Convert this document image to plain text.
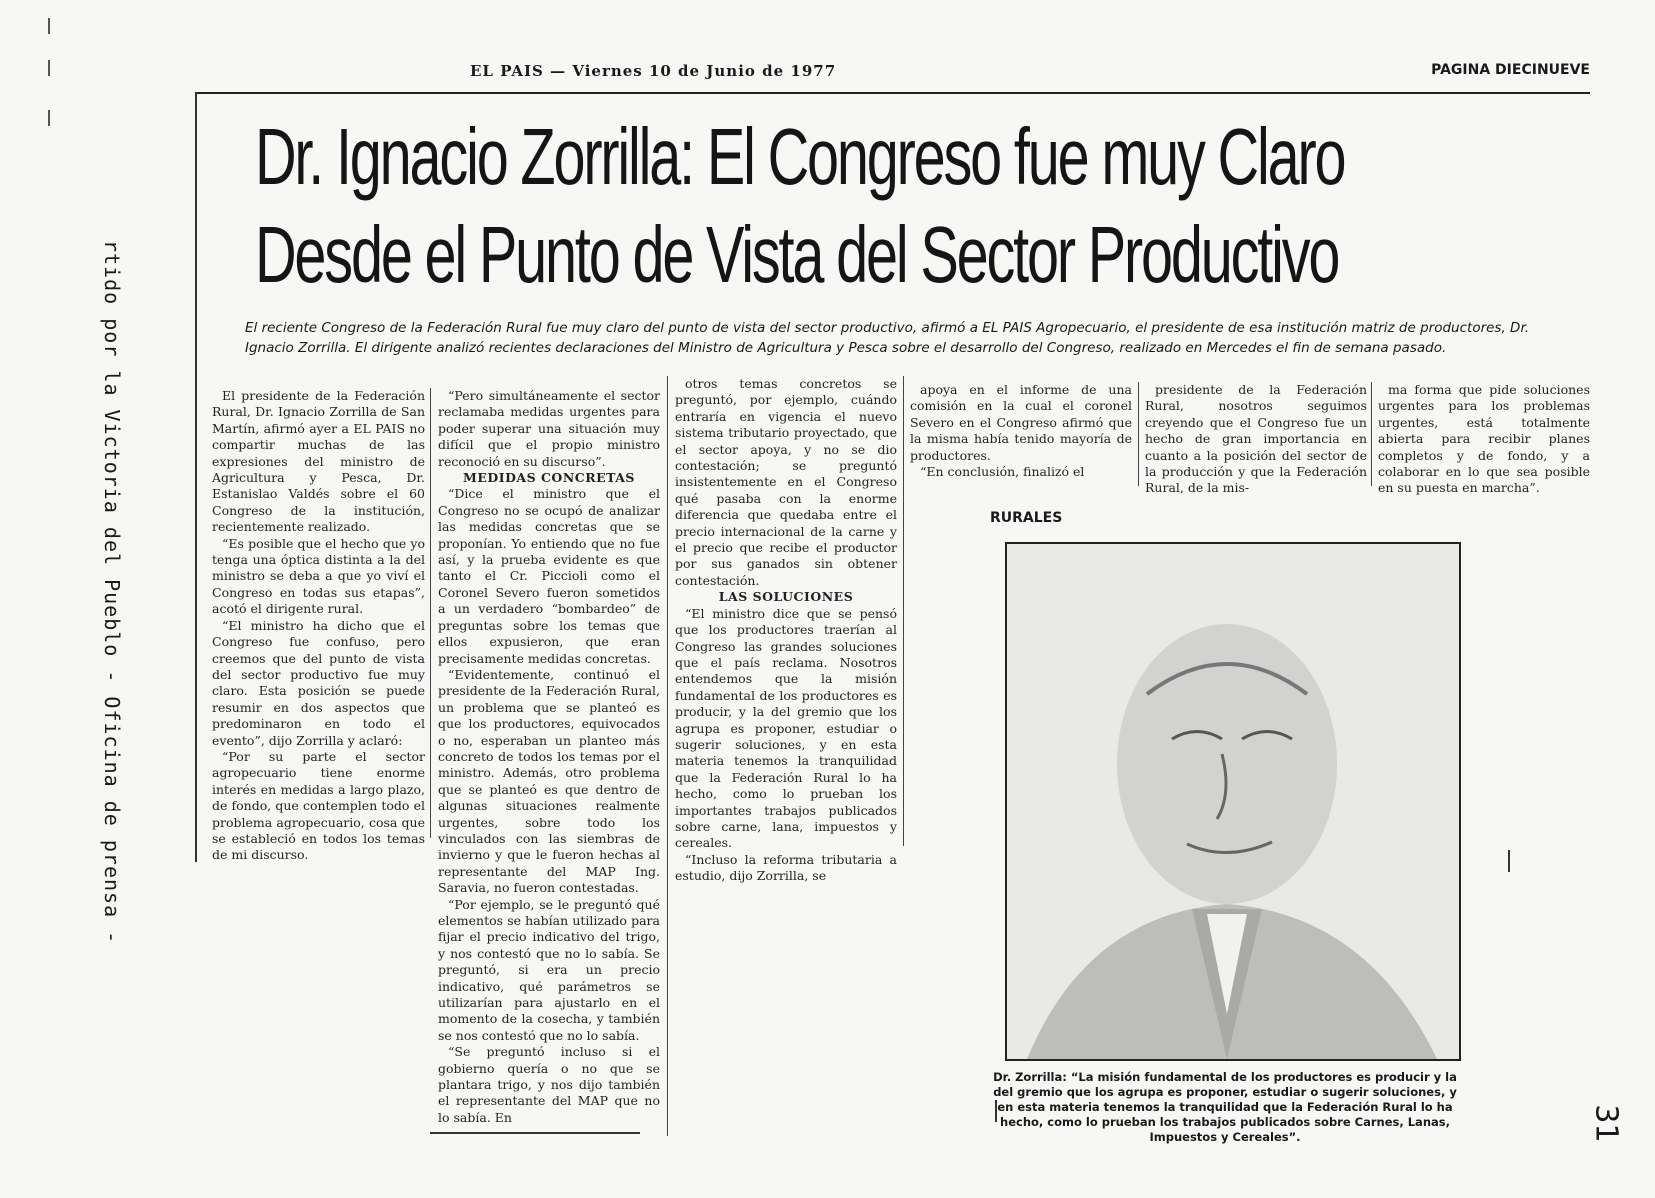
rtido por la Victoria del Pueblo - Oficina de prensa -
EL PAIS — Viernes 10 de Junio de 1977	PAGINA DIECINUEVE
Dr. Ignacio Zorrilla: El Congreso fue muy Claro
Desde el Punto de Vista del Sector Productivo
El reciente Congreso de la Federación Rural fue muy claro del punto de vista del sector productivo, afirmó a EL PAIS Agropecuario, el presidente de esa institución matriz de productores, Dr. Ignacio Zorrilla. El dirigente analizó recientes declaraciones del Ministro de Agricultura y Pesca sobre el desarrollo del Congreso, realizado en Mercedes el fin de semana pasado.

El presidente de la Federación Rural, Dr. Ignacio Zorrilla de San Martín, afirmó ayer a EL PAIS no compartir muchas de las expresiones del ministro de Agricultura y Pesca, Dr. Estanislao Valdés sobre el 60 Congreso de la institución, recientemente realizado.

“Es posible que el hecho que yo tenga una óptica distinta a la del ministro se deba a que yo viví el Congreso en todas sus etapas”, acotó el dirigente rural.

“El ministro ha dicho que el Congreso fue confuso, pero creemos que del punto de vista del sector productivo fue muy claro. Esta posición se puede resumir en dos aspectos que predominaron en todo el evento”, dijo Zorrilla y aclaró:

“Por su parte el sector agropecuario tiene enorme interés en medidas a largo plazo, de fondo, que contemplen todo el problema agropecuario, cosa que se estableció en todos los temas de mi discurso.

“Pero simultáneamente el sector reclamaba medidas urgentes para poder superar una situación muy difícil que el propio ministro reconoció en su discurso”.

MEDIDAS CONCRETAS

“Dice el ministro que el Congreso no se ocupó de analizar las medidas concretas que se proponían. Yo entiendo que no fue así, y la prueba evidente es que tanto el Cr. Piccioli como el Coronel Severo fueron sometidos a un verdadero “bombardeo” de preguntas sobre los temas que ellos expusieron, que eran precisamente medidas concretas.

“Evidentemente, continuó el presidente de la Federación Rural, un problema que se planteó es que los productores, equivocados o no, esperaban un planteo más concreto de todos los temas por el ministro. Además, otro problema que se planteó es que dentro de algunas situaciones realmente urgentes, sobre todo los vinculados con las siembras de invierno y que le fueron hechas al representante del MAP Ing. Saravia, no fueron contestadas.

“Por ejemplo, se le preguntó qué elementos se habían utilizado para fijar el precio indicativo del trigo, y nos contestó que no lo sabía. Se preguntó, si era un precio indicativo, qué parámetros se utilizarían para ajustarlo en el momento de la cosecha, y también se nos contestó que no lo sabía.

“Se preguntó incluso si el gobierno quería o no que se plantara trigo, y nos dijo también el representante del MAP que no lo sabía. En

otros temas concretos se preguntó, por ejemplo, cuándo entraría en vigencia el nuevo sistema tributario proyectado, que el sector apoya, y no se dio contestación; se preguntó insistentemente en el Congreso qué pasaba con la enorme diferencia que quedaba entre el precio internacional de la carne y el precio que recibe el productor por sus ganados sin obtener contestación.

LAS SOLUCIONES

“El ministro dice que se pensó que los productores traerían al Congreso las grandes soluciones que el país reclama. Nosotros entendemos que la misión fundamental de los productores es producir, y la del gremio que los agrupa es proponer, estudiar o sugerir soluciones, y en esta materia tenemos la tranquilidad que la Federación Rural lo ha hecho, como lo prueban los importantes trabajos publicados sobre carne, lana, impuestos y cereales.

“Incluso la reforma tributaria a estudio, dijo Zorrilla, se

apoya en el informe de una comisión en la cual el coronel Severo en el Congreso afirmó que la misma había tenido mayoría de productores.

“En conclusión, finalizó el

presidente de la Federación Rural, nosotros seguimos creyendo que el Congreso fue un hecho de gran importancia en cuanto a la posición del sector de la producción y que la Federación Rural, de la mis-

ma forma que pide soluciones urgentes para los problemas urgentes, está totalmente abierta para recibir planes completos y de fondo, y a colaborar en lo que sea posible en su puesta en marcha”.

RURALES
Dr. Zorrilla: “La misión fundamental de los productores es producir y la del gremio que los agrupa es proponer, estudiar o sugerir soluciones, y en esta materia tenemos la tranquilidad que la Federación Rural lo ha hecho, como lo prueban los trabajos publicados sobre Carnes, Lanas, Impuestos y Cereales”.	31
